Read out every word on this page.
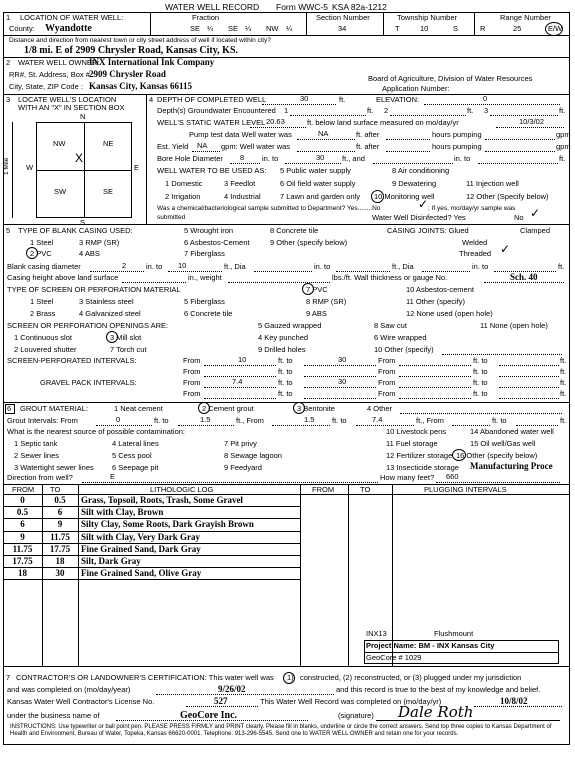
WATER WELL RECORD Form WWC-5 KSA 82a-1212
1 LOCATION OF WATER WELL:
County: Wyandotte
Fraction
SE ¼ SE ¼ NW ¼
Section Number
34
Township Number
T	10	S
Range Number
R	25	E/W
Distance and direction from nearest town or city street address of well if located within city?
1/8 mi. E of 2909 Chrysler Road, Kansas City, KS.
2 WATER WELL OWNER:
INX International Ink Company
RR#, St. Address, Box # :
2909 Chrysler Road
City, State, ZIP Code : Kansas City, Kansas 66115
Board of Agriculture, Division of Water Resources
Application Number:
3 LOCATE WELL'S LOCATION
WITH AN "X" IN SECTION BOX
N
W	E
S
NW	NE
SW	SE
X
1 Mile
4 DEPTH OF COMPLETED WELL	30	ft.	ELEVATION:	0
Depth(s) Groundwater Encountered 1	ft. 2	ft. 3	ft.
WELL'S STATIC WATER LEVEL 20.63	ft. below land surface measured on mo/day/yr	10/3/02
Pump test data Well water was	NA	ft. after	hours pumping	gpm
Est. Yield NA gpm: Well water was	ft. after	hours pumping	gpm
Bore Hole Diameter 8 in. to	30 ft., and	in. to	ft.
WELL WATER TO BE USED AS: 5 Public water supply	8 Air conditioning
1 Domestic	3 Feedlot	6 Oil field water supply	9 Dewatering	11 Injection well
2 Irrigation	4 Industrial	7 Lawn and garden only 10 Monitoring well	12 Other (Specify below)
Was a chemical/bacteriological sample submitted to Department? Yes........No	✓ ; If yes, mo/day/yr sample was
submitted	Water Well Disinfected? Yes	No ✓
5 TYPE OF BLANK CASING USED:	5 Wrought iron	8 Concrete tile	CASING JOINTS: Glued	Clamped
1 Steel	3 RMP (SR)	6 Asbestos-Cement	9 Other (specify below)	Welded
2 PVC	4 ABS	7 Fiberglass	Threaded ✓
Blank casing diameter	2	in. to 10	ft., Dia	in. to	ft., Dia	in. to	ft.
Casing height above land surface	in., weight	lbs./ft. Wall thickness or gauge No.	Sch. 40
TYPE OF SCREEN OR PERFORATION MATERIAL	7 PVC	10 Asbestos-cement
1 Steel	3 Stainless steel	5 Fiberglass	8 RMP (SR)	11 Other (specify)
2 Brass	4 Galvanized steel	6 Concrete tile	9 ABS	12 None used (open hole)
SCREEN OR PERFORATION OPENINGS ARE:	5 Gauzed wrapped	8 Saw cut	11 None (open hole)
1 Continuous slot	3 Mill slot	4 Key punched	6 Wire wrapped
2 Louvered shutter	7 Torch cut	9 Drilled holes	10 Other (specify)
SCREEN-PERFORATED INTERVALS:	From	10	ft. to	30	From	ft. to	ft.
From	ft. to	From	ft. to	ft.
GRAVEL PACK INTERVALS:	From	7.4	ft. to	30	From	ft. to	ft.
From	ft. to	From	ft. to	ft.
6 GROUT MATERIAL:	1 Neat cement	2 Cement grout	3 Bentonite	4 Other
Grout Intervals: From	0	ft. to	1.5	ft., From	1.5 ft. to	7.4	ft., From	ft. to	ft.
What is the nearest source of possible contamination:	10 Livestock pens	14 Abandoned water well
1 Septic tank	4 Lateral lines	7 Pit privy	11 Fuel storage	15 Oil well/Gas well
2 Sewer lines	5 Cess pool	8 Sewage lagoon	12 Fertilizer storage 16 Other (specify below)
3 Watertight sewer lines 6 Seepage pit	9 Feedyard	13 Insecticide storage Manufacturing Proce
Direction from well?	E	How many feet? 660
FROM TO	LITHOLOGIC LOG	FROM	TO	PLUGGING INTERVALS
0	0.5	Grass, Topsoil, Roots, Trash, Some Gravel
0.5	6	Silt with Clay, Brown
6	9	Silty Clay, Some Roots, Dark Grayish Brown
9	11.75	Silt with Clay, Very Dark Gray
11.75	17.75	Fine Grained Sand, Dark Gray
17.75	18	Silt, Dark Gray
18	30	Fine Grained Sand, Olive Gray
INX13	Flushmount
Project Name: BM - INX Kansas City
GeoCore # 1029
7 CONTRACTOR'S OR LANDOWNER'S CERTIFICATION: This water well was 1) constructed, (2) reconstructed, or (3) plugged under my jurisdiction
and was completed on (mo/day/year)	9/26/02	and this record is true to the best of my knowledge and belief.
Kansas Water Well Contractor's License No.	527	This Water Well Record was completed on (mo/day/yr)	10/8/02
under the business name of	GeoCore Inc.	(signature) Dale Roth
INSTRUCTIONS: Use typewriter or ball point pen. PLEASE PRESS FIRMLY and PRINT clearly. Please fill in blanks, underline or circle the correct answers. Send top three copies to Kansas Department of Health and Environment, Bureau of Water, Topeka, Kansas 66620-0001. Telephone: 913-296-5545. Send one to WATER WELL OWNER and retain one for your records.
